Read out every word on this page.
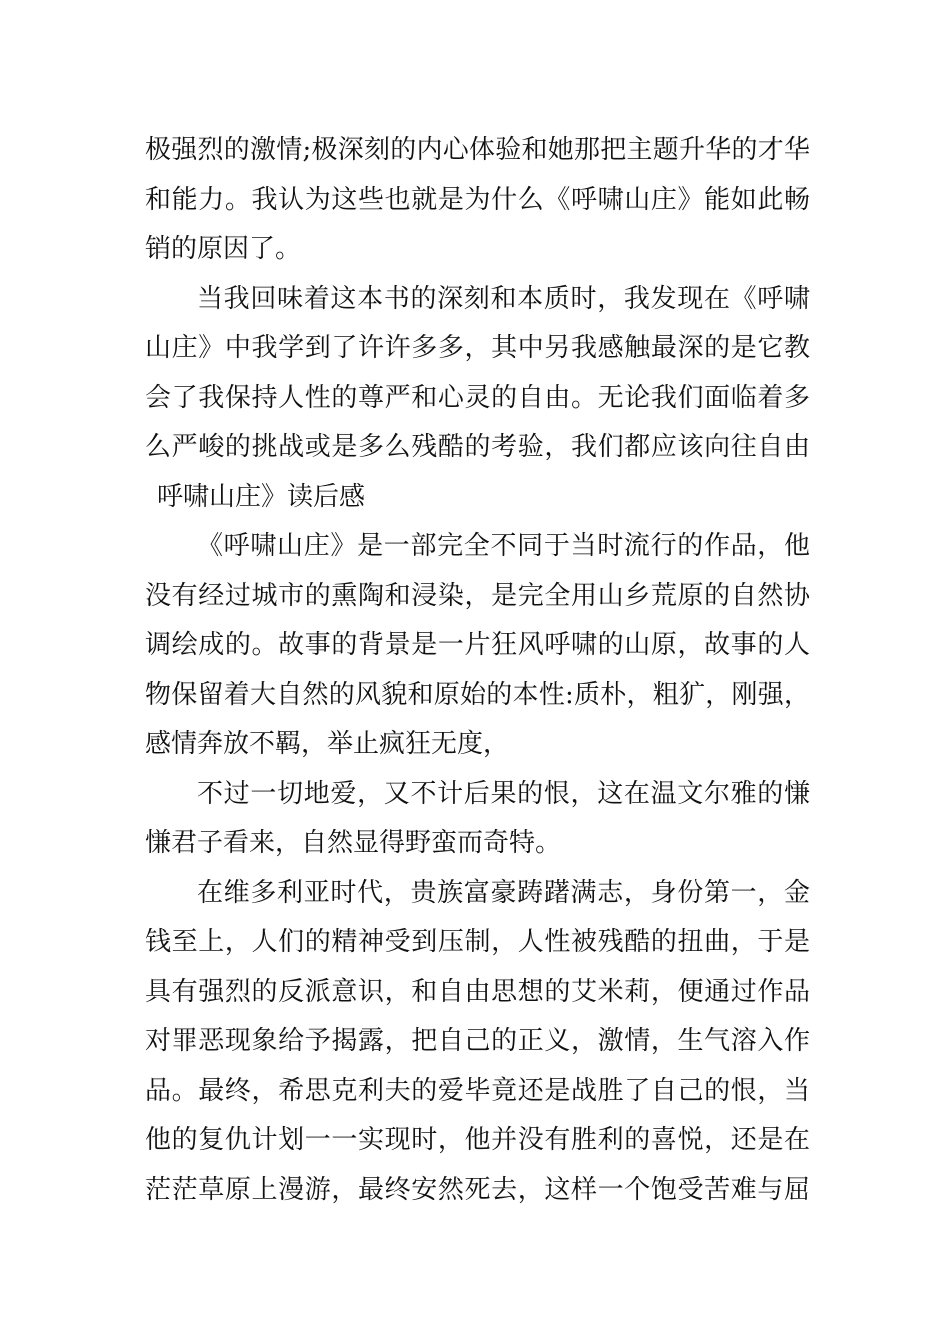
极强烈的激情;极深刻的内心体验和她那把主题升华的才华
和能力。我认为这些也就是为什么《呼啸山庄》能如此畅
销的原因了。
当我回味着这本书的深刻和本质时，我发现在《呼啸
山庄》中我学到了许许多多，其中另我感触最深的是它教
会了我保持人性的尊严和心灵的自由。无论我们面临着多
么严峻的挑战或是多么残酷的考验，我们都应该向往自由
呼啸山庄》读后感
《呼啸山庄》是一部完全不同于当时流行的作品，他
没有经过城市的熏陶和浸染，是完全用山乡荒原的自然协
调绘成的。故事的背景是一片狂风呼啸的山原，故事的人
物保留着大自然的风貌和原始的本性:质朴，粗犷，刚强，
感情奔放不羁，举止疯狂无度，
不过一切地爱，又不计后果的恨，这在温文尔雅的慊
慊君子看来，自然显得野蛮而奇特。
在维多利亚时代，贵族富豪踌躇满志，身份第一，金
钱至上，人们的精神受到压制，人性被残酷的扭曲，于是
具有强烈的反派意识，和自由思想的艾米莉，便通过作品
对罪恶现象给予揭露，把自己的正义，激情，生气溶入作
品。最终，希思克利夫的爱毕竟还是战胜了自己的恨，当
他的复仇计划一一实现时，他并没有胜利的喜悦，还是在
茫茫草原上漫游，最终安然死去，这样一个饱受苦难与屈
